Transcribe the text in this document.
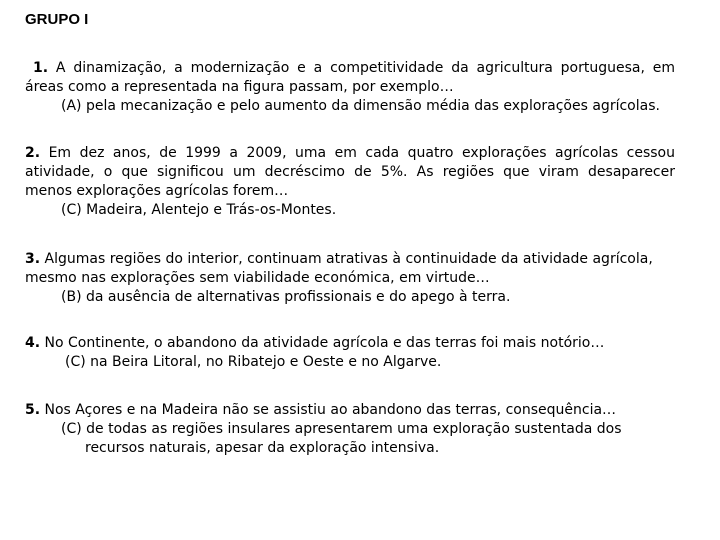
GRUPO I

1. A dinamização, a modernização e a competitividade da agricultura portuguesa, em

áreas como a representada na figura passam, por exemplo…

(A) pela mecanização e pelo aumento da dimensão média das explorações agrícolas.

2. Em dez anos, de 1999 a 2009, uma em cada quatro explorações agrícolas cessou

atividade, o que significou um decréscimo de 5%. As regiões que viram desaparecer

menos explorações agrícolas forem…

(C) Madeira, Alentejo e Trás-os-Montes.

3. Algumas regiões do interior, continuam atrativas à continuidade da atividade agrícola,

mesmo nas explorações sem viabilidade económica, em virtude…

(B) da ausência de alternativas profissionais e do apego à terra.

4. No Continente, o abandono da atividade agrícola e das terras foi mais notório…

(C) na Beira Litoral, no Ribatejo e Oeste e no Algarve.

5. Nos Açores e na Madeira não se assistiu ao abandono das terras, consequência…

(C) de todas as regiões insulares apresentarem uma exploração sustentada dos

recursos naturais, apesar da exploração intensiva.
